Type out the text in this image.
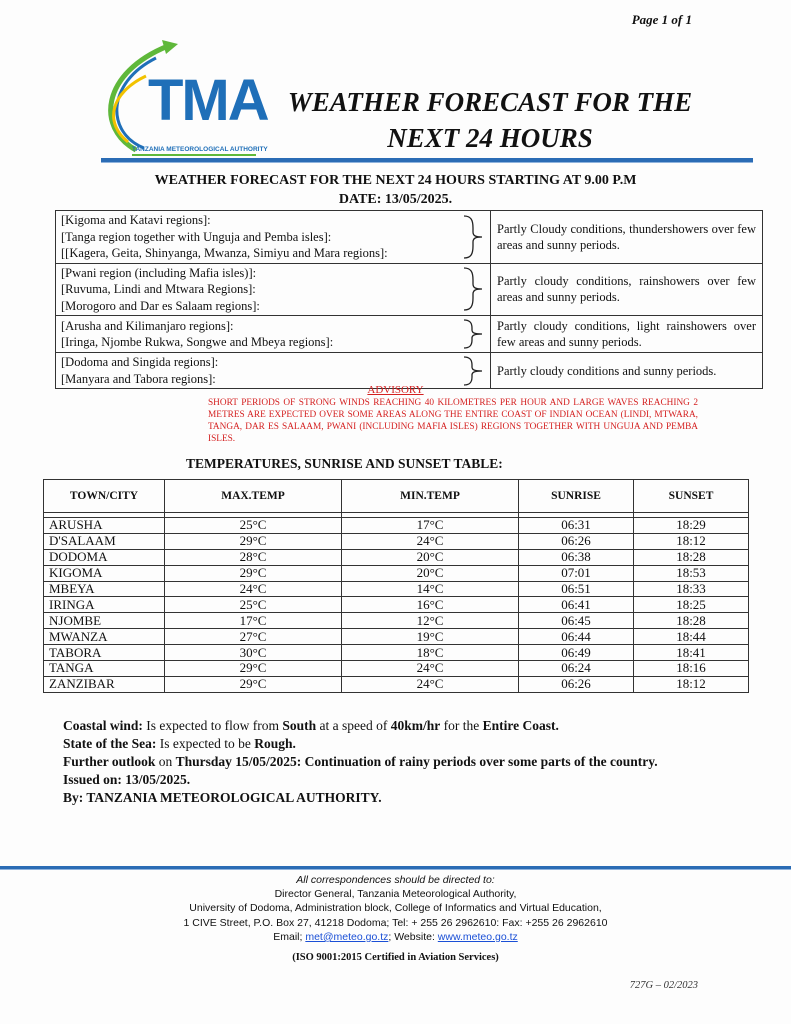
Page 1 of 1
TMA
TANZANIA METEOROLOGICAL AUTHORITY
WEATHER FORECAST FOR THE
NEXT 24 HOURS
WEATHER FORECAST FOR THE NEXT 24 HOURS STARTING AT 9.00 P.M
DATE: 13/05/2025.
[Kigoma and Katavi regions]:
[Tanga region together with Unguja and Pemba isles]:
[[Kagera, Geita, Shinyanga, Mwanza, Simiyu and Mara regions]:		Partly Cloudy conditions, thundershowers over few areas and sunny periods.

[Pwani region (including Mafia isles)]:
[Ruvuma, Lindi and Mtwara Regions]:
[Morogoro and Dar es Salaam regions]:		Partly cloudy conditions, rainshowers over few areas and sunny periods.

[Arusha and Kilimanjaro regions]:
[Iringa, Njombe Rukwa, Songwe and Mbeya regions]:		Partly cloudy conditions, light rainshowers over few areas and sunny periods.

[Dodoma and Singida regions]:
[Manyara and Tabora regions]:		Partly cloudy conditions and sunny periods.
ADVISORY
SHORT PERIODS OF STRONG WINDS REACHING 40 KILOMETRES PER HOUR AND LARGE WAVES REACHING 2 METRES ARE EXPECTED OVER SOME AREAS ALONG THE ENTIRE COAST OF INDIAN OCEAN (LINDI, MTWARA, TANGA, DAR ES SALAAM, PWANI (INCLUDING MAFIA ISLES) REGIONS TOGETHER WITH UNGUJA AND PEMBA ISLES.
TEMPERATURES, SUNRISE AND SUNSET TABLE:
TOWN/CITY	MAX.TEMP	MIN.TEMP	SUNRISE	SUNSET

ARUSHA	25°C	17°C	06:31	18:29
D'SALAAM	29°C	24°C	06:26	18:12
DODOMA	28°C	20°C	06:38	18:28
KIGOMA	29°C	20°C	07:01	18:53
MBEYA	24°C	14°C	06:51	18:33
IRINGA	25°C	16°C	06:41	18:25
NJOMBE	17°C	12°C	06:45	18:28
MWANZA	27°C	19°C	06:44	18:44
TABORA	30°C	18°C	06:49	18:41
TANGA	29°C	24°C	06:24	18:16
ZANZIBAR	29°C	24°C	06:26	18:12
Coastal wind: Is expected to flow from South at a speed of 40km/hr for the Entire Coast.
State of the Sea: Is expected to be Rough.
Further outlook on Thursday 15/05/2025: Continuation of rainy periods over some parts of the country.
Issued on: 13/05/2025.
By: TANZANIA METEOROLOGICAL AUTHORITY.
All correspondences should be directed to:
Director General, Tanzania Meteorological Authority,
University of Dodoma, Administration block, College of Informatics and Virtual Education,
1 CIVE Street, P.O. Box 27, 41218 Dodoma; Tel: + 255 26 2962610: Fax: +255 26 2962610
Email; met@meteo.go.tz; Website: www.meteo.go.tz
(ISO 9001:2015 Certified in Aviation Services)
727G – 02/2023
